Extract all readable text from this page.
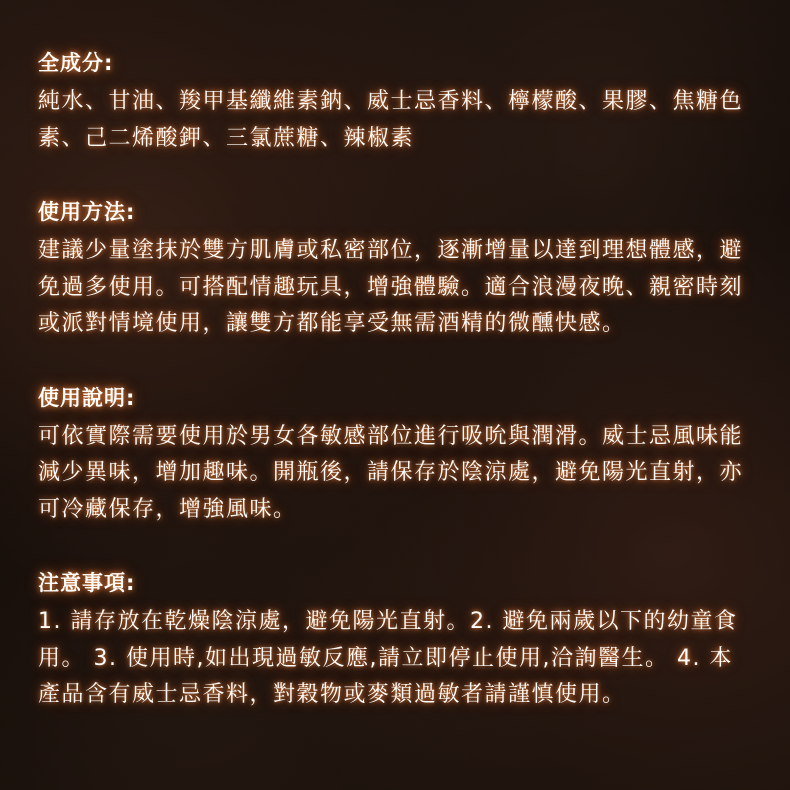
全成分:

純水、甘油、羧甲基纖維素鈉、威士忌香料、檸檬酸、果膠、焦糖色素、己二烯酸鉀、三氯蔗糖、辣椒素

使用方法:

建議少量塗抹於雙方肌膚或私密部位，逐漸增量以達到理想體感，避免過多使用。可搭配情趣玩具，增強體驗。適合浪漫夜晚、親密時刻或派對情境使用，讓雙方都能享受無需酒精的微醺快感。

使用說明:

可依實際需要使用於男女各敏感部位進行吸吮與潤滑。威士忌風味能減少異味，增加趣味。開瓶後，請保存於陰涼處，避免陽光直射，亦可冷藏保存，增強風味。

注意事項:

1. 請存放在乾燥陰涼處，避免陽光直射。2. 避免兩歲以下的幼童食用。 3. 使用時,如出現過敏反應,請立即停止使用,洽詢醫生。 4. 本產品含有威士忌香料，對穀物或麥類過敏者請謹慎使用。
